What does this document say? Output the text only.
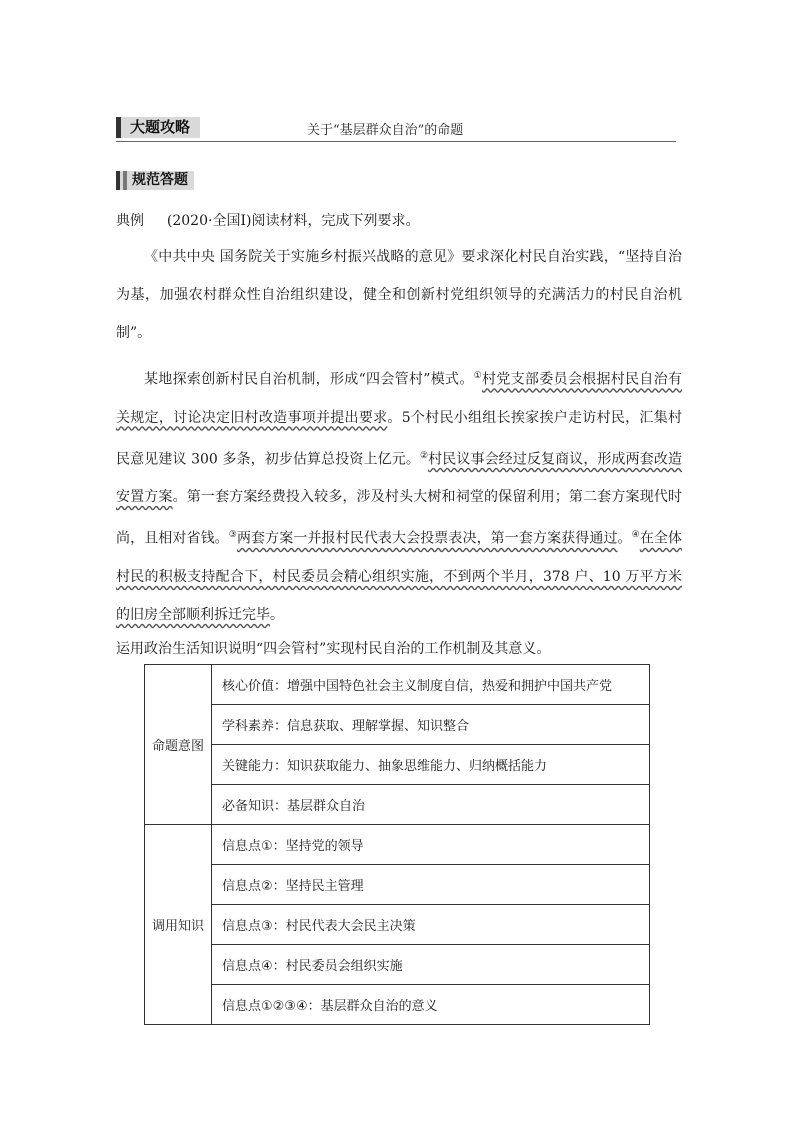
大题攻略	关于“基层群众自治”的命题
规范答题
典例 (2020·全国Ⅰ)阅读材料，完成下列要求。
《中共中央 国务院关于实施乡村振兴战略的意见》要求深化村民自治实践，“坚持自治为基，加强农村群众性自治组织建设，健全和创新村党组织领导的充满活力的村民自治机制”。
某地探索创新村民自治机制，形成“四会管村”模式。①村党支部委员会根据村民自治有关规定，讨论决定旧村改造事项并提出要求。5个村民小组组长挨家挨户走访村民，汇集村民意见建议 300 多条，初步估算总投资上亿元。②村民议事会经过反复商议，形成两套改造安置方案。第一套方案经费投入较多，涉及村头大树和祠堂的保留利用；第二套方案现代时尚，且相对省钱。③两套方案一并报村民代表大会投票表决，第一套方案获得通过。④在全体村民的积极支持配合下，村民委员会精心组织实施，不到两个半月，378 户、10 万平方米的旧房全部顺利拆迁完毕。
运用政治生活知识说明“四会管村”实现村民自治的工作机制及其意义。
命题意图	核心价值：增强中国特色社会主义制度自信，热爱和拥护中国共产党
	学科素养：信息获取、理解掌握、知识整合
	关键能力：知识获取能力、抽象思维能力、归纳概括能力
	必备知识：基层群众自治
调用知识	信息点①：坚持党的领导
	信息点②：坚持民主管理
	信息点③：村民代表大会民主决策
	信息点④：村民委员会组织实施
	信息点①②③④：基层群众自治的意义
